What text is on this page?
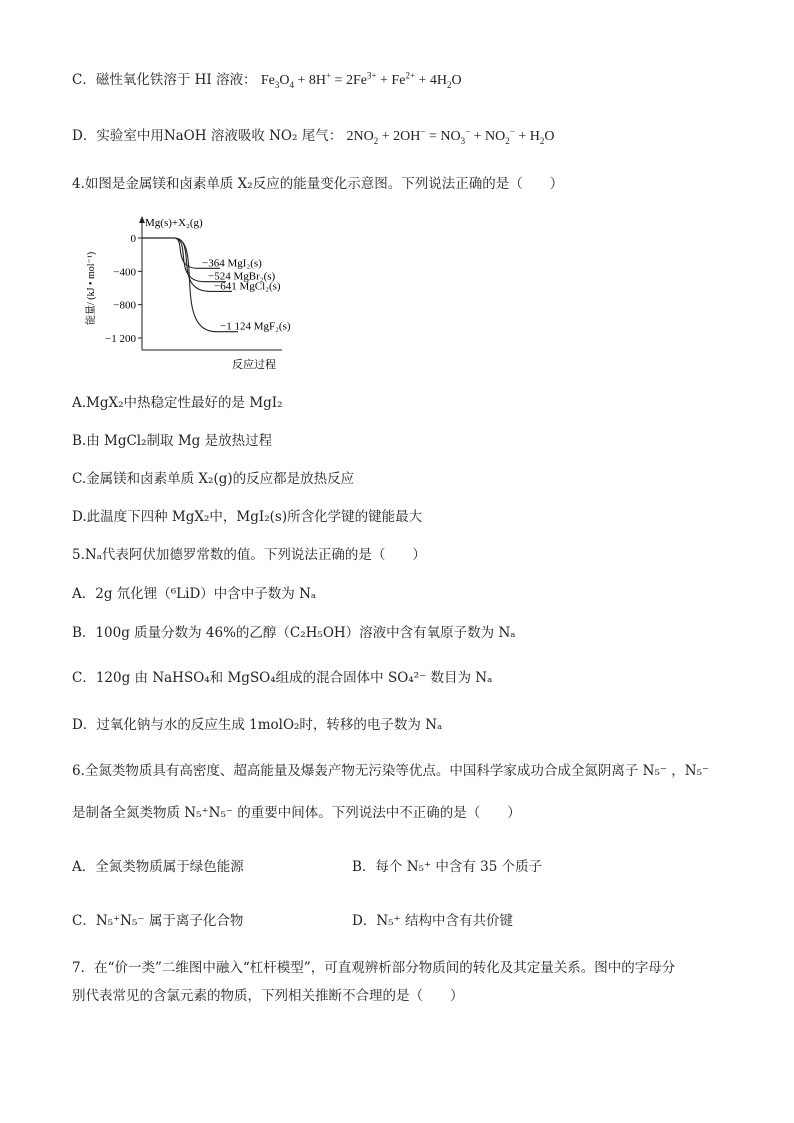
C．磁性氧化铁溶于 HI 溶液： $Fe_3O_4 + 8H^+ = 2Fe^{3+} + Fe^{2+} + 4H_2O$
D．实验室中用NaOH 溶液吸收 NO₂ 尾气： $2NO_2 + 2OH^- = NO_3^- + NO_2^- + H_2O$
4.如图是金属镁和卤素单质 X₂反应的能量变化示意图。下列说法正确的是（　　）
Mg(s)+X₂(g)
0
−400
−800
−1 200
能量/ (kJ • mol⁻¹)
反应过程
−364 MgI₂(s)
−524 MgBr₂(s)
−641 MgCl₂(s)
−1 124 MgF₂(s)
A.MgX₂中热稳定性最好的是 MgI₂
B.由 MgCl₂制取 Mg 是放热过程
C.金属镁和卤素单质 X₂(g)的反应都是放热反应
D.此温度下四种 MgX₂中，MgI₂(s)所含化学键的键能最大
5.Nₐ代表阿伏加德罗常数的值。下列说法正确的是（　　）
A．2g 氘化锂（⁶LiD）中含中子数为 Nₐ
B．100g 质量分数为 46%的乙醇（C₂H₅OH）溶液中含有氧原子数为 Nₐ
C．120g 由 NaHSO₄和 MgSO₄组成的混合固体中 SO₄²⁻ 数目为 Nₐ
D．过氧化钠与水的反应生成 1molO₂时，转移的电子数为 Nₐ
6.全氮类物质具有高密度、超高能量及爆轰产物无污染等优点。中国科学家成功合成全氮阴离子 N₅⁻ ，N₅⁻
是制备全氮类物质 N₅⁺N₅⁻ 的重要中间体。下列说法中不正确的是（　　）
A．全氮类物质属于绿色能源	B．每个 N₅⁺ 中含有 35 个质子
C．N₅⁺N₅⁻ 属于离子化合物	D．N₅⁺ 结构中含有共价键
7．在“价一类”二维图中融入“杠杆模型”，可直观辨析部分物质间的转化及其定量关系。图中的字母分
别代表常见的含氯元素的物质，下列相关推断不合理的是（　　）
